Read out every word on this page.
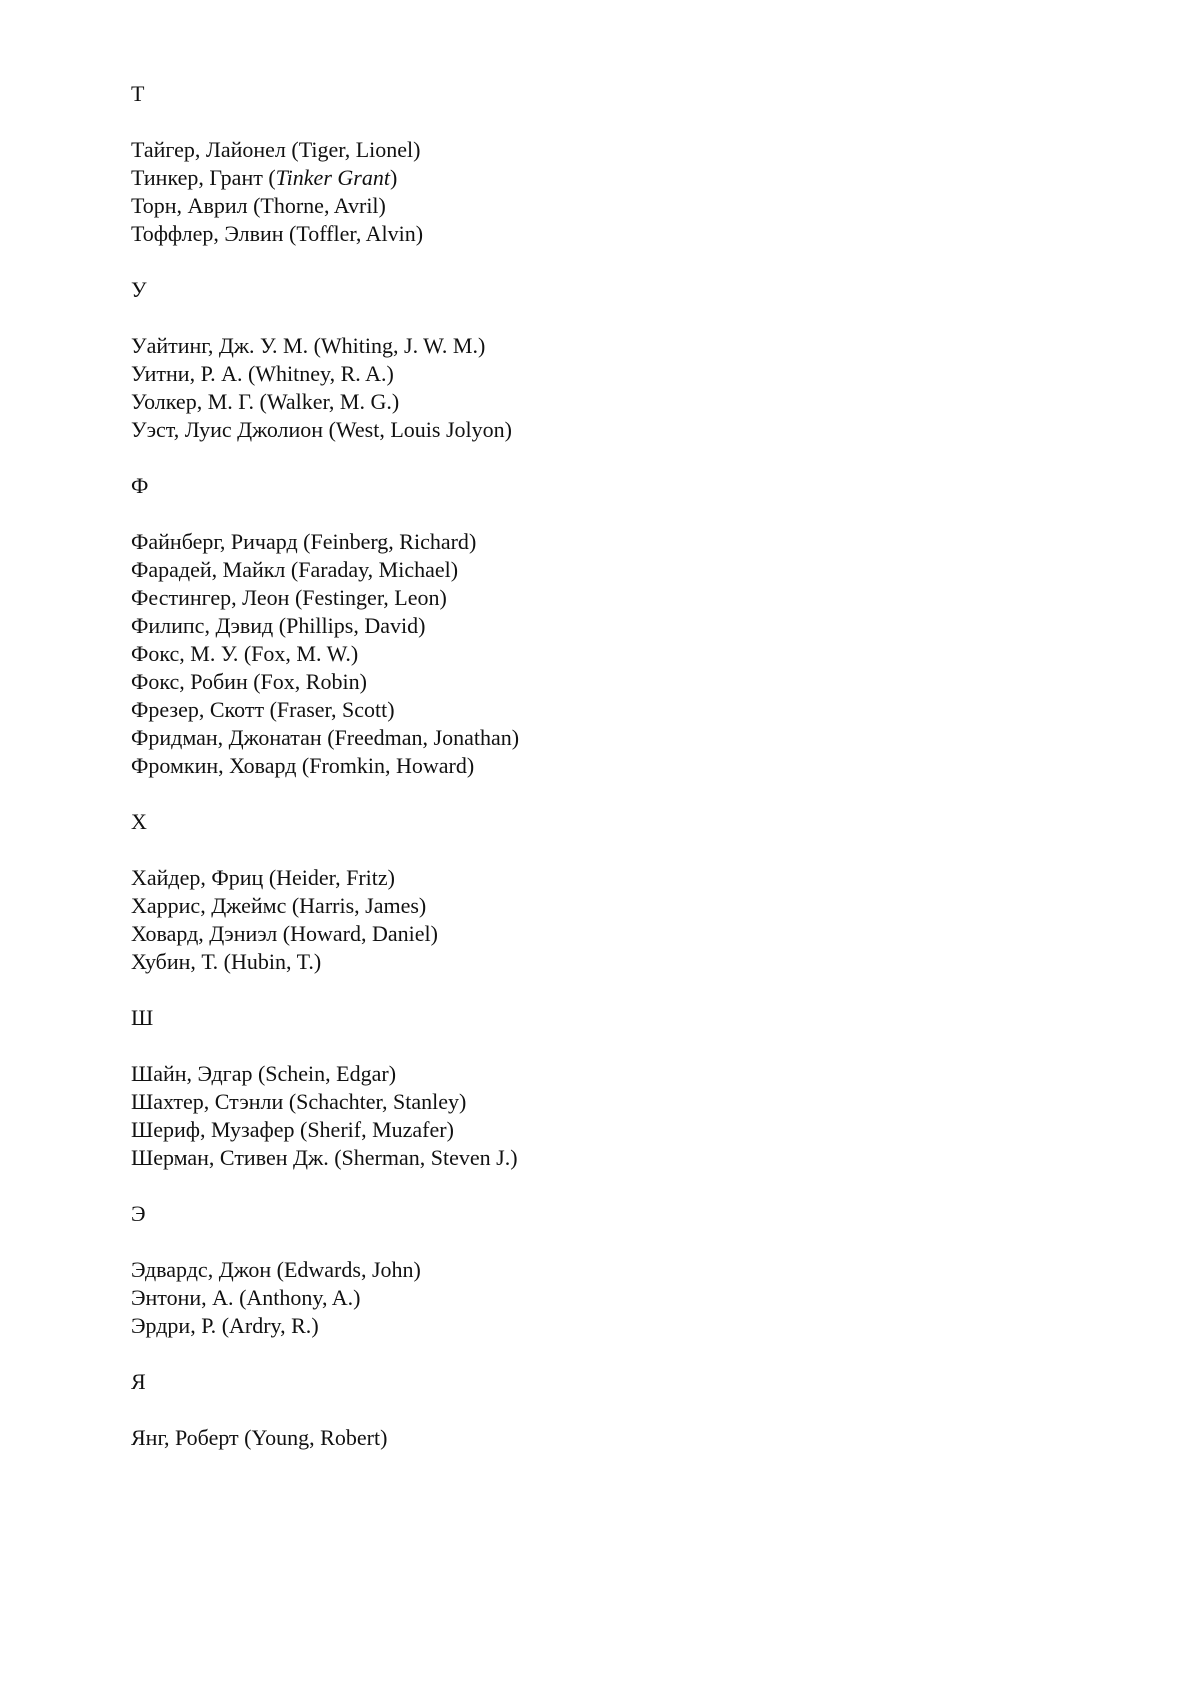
Т
Тайгер, Лайонел (Tiger, Lionel)
Тинкер, Грант (Tinker Grant)
Торн, Аврил (Thorne, Avril)
Тоффлер, Элвин (Toffler, Alvin)
У
Уайтинг, Дж. У. М. (Whiting, J. W. M.)
Уитни, Р. А. (Whitney, R. A.)
Уолкер, М. Г. (Walker, M. G.)
Уэст, Луис Джолион (West, Louis Jolyon)
Ф
Файнберг, Ричард (Feinberg, Richard)
Фарадей, Майкл (Faraday, Michael)
Фестингер, Леон (Festinger, Leon)
Филипс, Дэвид (Phillips, David)
Фокс, М. У. (Fox, M. W.)
Фокс, Робин (Fox, Robin)
Фрезер, Скотт (Fraser, Scott)
Фридман, Джонатан (Freedman, Jonathan)
Фромкин, Ховард (Fromkin, Howard)
Х
Хайдер, Фриц (Heider, Fritz)
Харрис, Джеймс (Harris, James)
Ховард, Дэниэл (Howard, Daniel)
Хубин, Т. (Hubin, T.)
Ш
Шайн, Эдгар (Schein, Edgar)
Шахтер, Стэнли (Schachter, Stanley)
Шериф, Музафер (Sherif, Muzafer)
Шерман, Стивен Дж. (Sherman, Steven J.)
Э
Эдвардс, Джон (Edwards, John)
Энтони, А. (Anthony, A.)
Эрдри, Р. (Ardry, R.)
Я
Янг, Роберт (Young, Robert)
